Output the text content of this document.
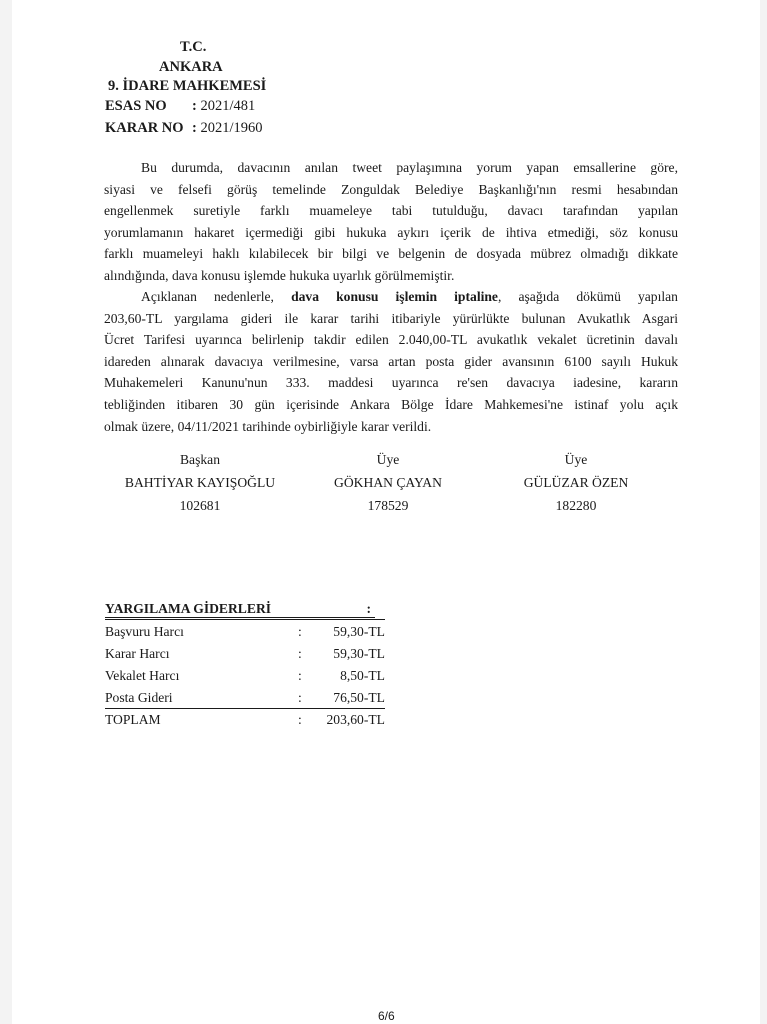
T.C.
ANKARA
9. İDARE MAHKEMESİ
ESAS NO : 2021/481
KARAR NO : 2021/1960
Bu durumda, davacının anılan tweet paylaşımına yorum yapan emsallerine göre,
siyasi ve felsefi görüş temelinde Zonguldak Belediye Başkanlığı'nın resmi hesabından
engellenmek suretiyle farklı muameleye tabi tutulduğu, davacı tarafından yapılan
yorumlamanın hakaret içermediği gibi hukuka aykırı içerik de ihtiva etmediği, söz konusu
farklı muameleyi haklı kılabilecek bir bilgi ve belgenin de dosyada mübrez olmadığı dikkate
alındığında, dava konusu işlemde hukuka uyarlık görülmemiştir.
Açıklanan nedenlerle, dava konusu işlemin iptaline, aşağıda dökümü yapılan
203,60-TL yargılama gideri ile karar tarihi itibariyle yürürlükte bulunan Avukatlık Asgari
Ücret Tarifesi uyarınca belirlenip takdir edilen 2.040,00-TL avukatlık vekalet ücretinin davalı
idareden alınarak davacıya verilmesine, varsa artan posta gider avansının 6100 sayılı Hukuk
Muhakemeleri Kanunu'nun 333. maddesi uyarınca re'sen davacıya iadesine, kararın
tebliğinden itibaren 30 gün içerisinde Ankara Bölge İdare Mahkemesi'ne istinaf yolu açık
olmak üzere, 04/11/2021 tarihinde oybirliğiyle karar verildi.
Başkan
BAHTİYAR KAYIŞOĞLU
102681
Üye
GÖKHAN ÇAYAN
178529
Üye
GÜLÜZAR ÖZEN
182280
YARGILAMA GİDERLERİ	:
Başvuru Harcı	: 59,30-TL
Karar Harcı	: 59,30-TL
Vekalet Harcı	:	8,50-TL
Posta Gideri	: 76,50-TL
TOPLAM	: 203,60-TL
6/6
